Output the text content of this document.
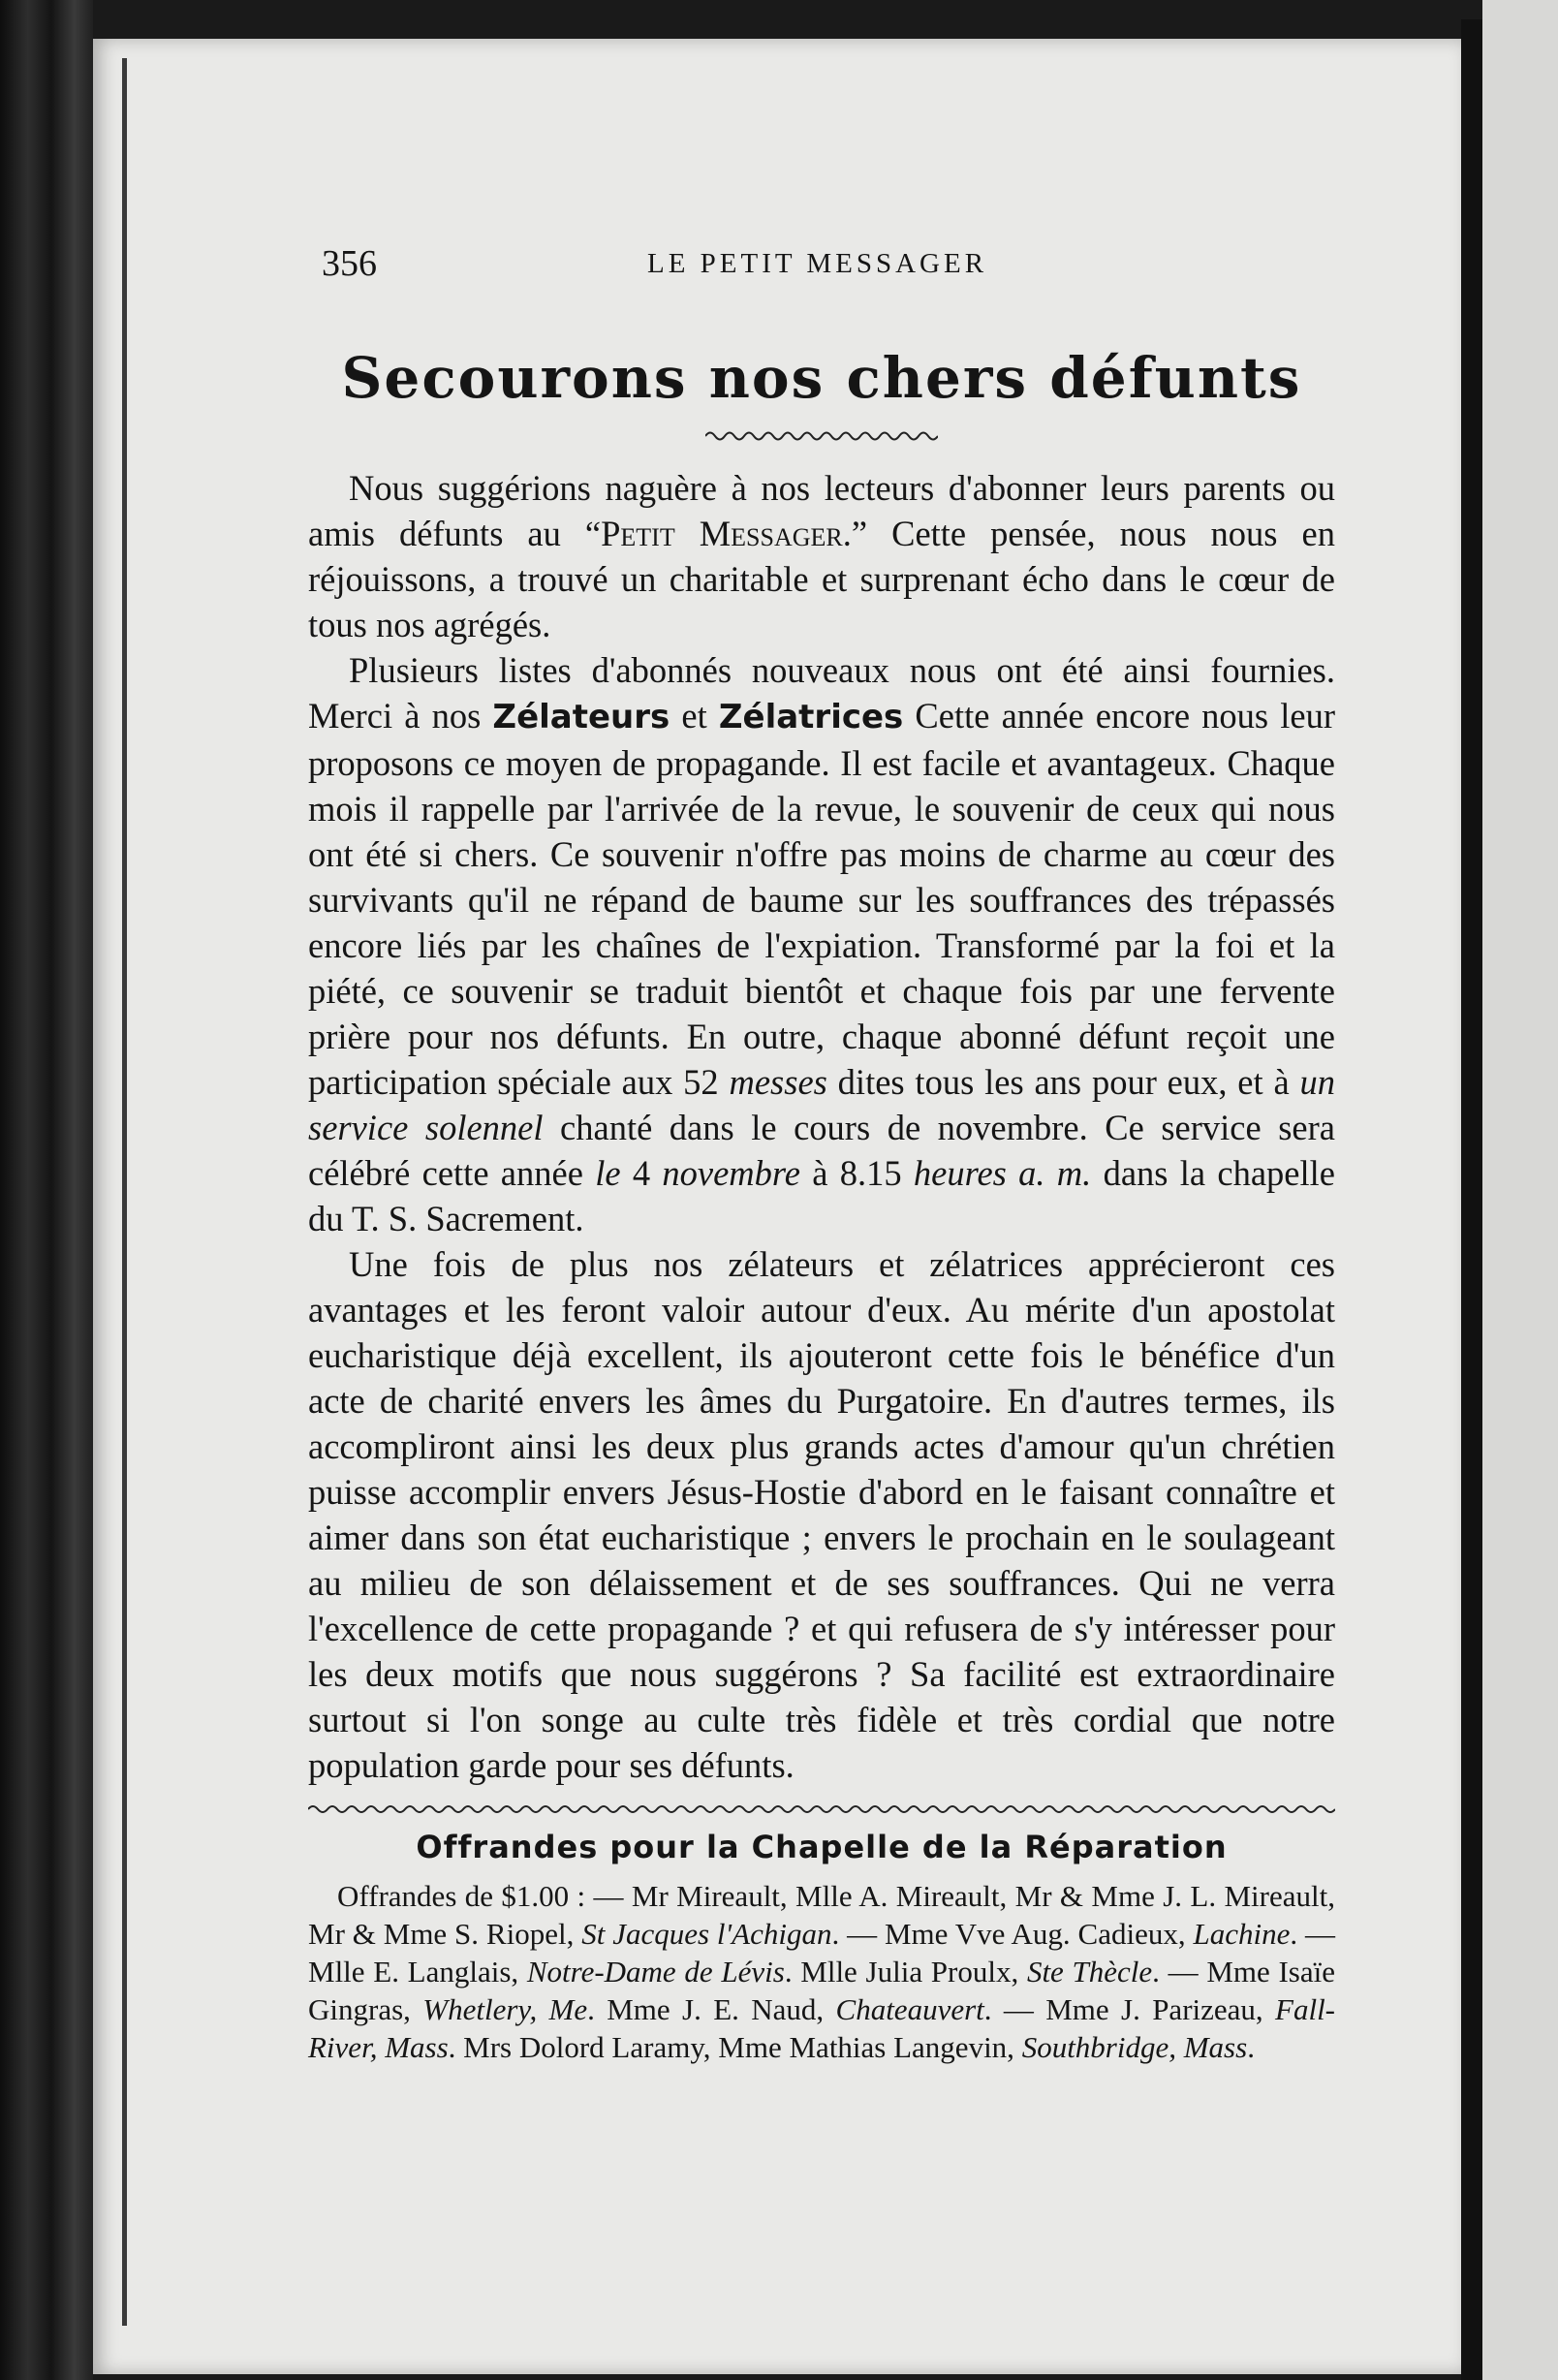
356	LE PETIT MESSAGER
Secourons nos chers défunts

Nous suggérions naguère à nos lecteurs d'abonner leurs parents ou amis défunts au “Petit Messager.” Cette pensée, nous nous en réjouissons, a trouvé un charitable et surprenant écho dans le cœur de tous nos agrégés.

Plusieurs listes d'abonnés nouveaux nous ont été ainsi fournies. Merci à nos Zélateurs et Zélatrices Cette année encore nous leur proposons ce moyen de propagande. Il est facile et avantageux. Chaque mois il rappelle par l'arrivée de la revue, le souvenir de ceux qui nous ont été si chers. Ce souvenir n'offre pas moins de charme au cœur des survivants qu'il ne répand de baume sur les souffrances des trépassés encore liés par les chaînes de l'expiation. Transformé par la foi et la piété, ce souvenir se traduit bientôt et chaque fois par une fervente prière pour nos défunts. En outre, chaque abonné défunt reçoit une participation spéciale aux 52 messes dites tous les ans pour eux, et à un service solennel chanté dans le cours de novembre. Ce service sera célébré cette année le 4 novembre à 8.15 heures a. m. dans la chapelle du T. S. Sacrement.

Une fois de plus nos zélateurs et zélatrices apprécieront ces avantages et les feront valoir autour d'eux. Au mérite d'un apostolat eucharistique déjà excellent, ils ajouteront cette fois le bénéfice d'un acte de charité envers les âmes du Purgatoire. En d'autres termes, ils accompliront ainsi les deux plus grands actes d'amour qu'un chrétien puisse accomplir envers Jésus-Hostie d'abord en le faisant connaître et aimer dans son état eucharistique ; envers le prochain en le soulageant au milieu de son délaissement et de ses souffrances. Qui ne verra l'excellence de cette propagande ? et qui refusera de s'y intéresser pour les deux motifs que nous suggérons ? Sa facilité est extraordinaire surtout si l'on songe au culte très fidèle et très cordial que notre population garde pour ses défunts.

Offrandes pour la Chapelle de la Réparation

Offrandes de $1.00 : — Mr Mireault, Mlle A. Mireault, Mr & Mme J. L. Mireault, Mr & Mme S. Riopel, St Jacques l'Achigan. — Mme Vve Aug. Cadieux, Lachine. — Mlle E. Langlais, Notre-Dame de Lévis. Mlle Julia Proulx, Ste Thècle. — Mme Isaïe Gingras, Whetlery, Me. Mme J. E. Naud, Chateauvert. — Mme J. Parizeau, Fall-River, Mass. Mrs Dolord Laramy, Mme Mathias Langevin, Southbridge, Mass.
